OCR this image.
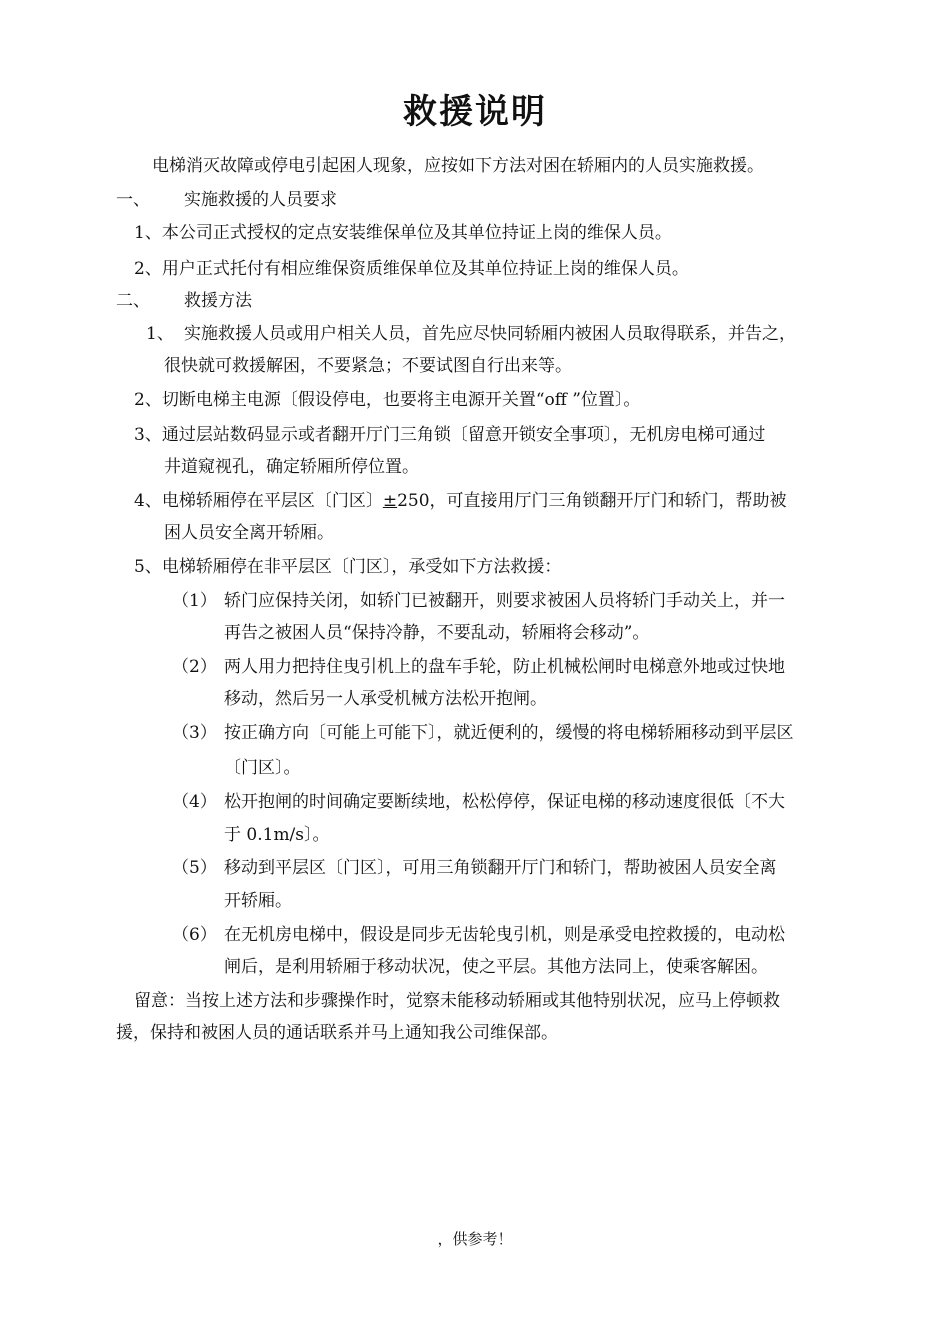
救援说明
电梯消灭故障或停电引起困人现象，应按如下方法对困在轿厢内的人员实施救援。
一、 实施救援的人员要求
1、本公司正式授权的定点安装维保单位及其单位持证上岗的维保人员。
2、用户正式托付有相应维保资质维保单位及其单位持证上岗的维保人员。
二、 救援方法
1、 实施救援人员或用户相关人员，首先应尽快同轿厢内被困人员取得联系，并告之，
很快就可救援解困，不要紧急；不要试图自行出来等。
2、切断电梯主电源〔假设停电，也要将主电源开关置“off ”位置〕。
3、通过层站数码显示或者翻开厅门三角锁〔留意开锁安全事项〕，无机房电梯可通过
井道窥视孔，确定轿厢所停位置。
4、电梯轿厢停在平层区〔门区〕±250，可直接用厅门三角锁翻开厅门和轿门，帮助被
困人员安全离开轿厢。
5、电梯轿厢停在非平层区〔门区〕，承受如下方法救援：
（1） 轿门应保持关闭，如轿门已被翻开，则要求被困人员将轿门手动关上，并一
再告之被困人员“保持冷静，不要乱动，轿厢将会移动”。
（2） 两人用力把持住曳引机上的盘车手轮，防止机械松闸时电梯意外地或过快地
移动，然后另一人承受机械方法松开抱闸。
（3） 按正确方向〔可能上可能下〕，就近便利的，缓慢的将电梯轿厢移动到平层区
〔门区〕。
（4） 松开抱闸的时间确定要断续地，松松停停，保证电梯的移动速度很低〔不大
于 0.1m/s〕。
（5） 移动到平层区〔门区〕，可用三角锁翻开厅门和轿门，帮助被困人员安全离
开轿厢。
（6） 在无机房电梯中，假设是同步无齿轮曳引机，则是承受电控救援的，电动松
闸后，是利用轿厢于移动状况，使之平层。其他方法同上，使乘客解困。
留意：当按上述方法和步骤操作时，觉察未能移动轿厢或其他特别状况，应马上停顿救
援，保持和被困人员的通话联系并马上通知我公司维保部。
，供参考！
